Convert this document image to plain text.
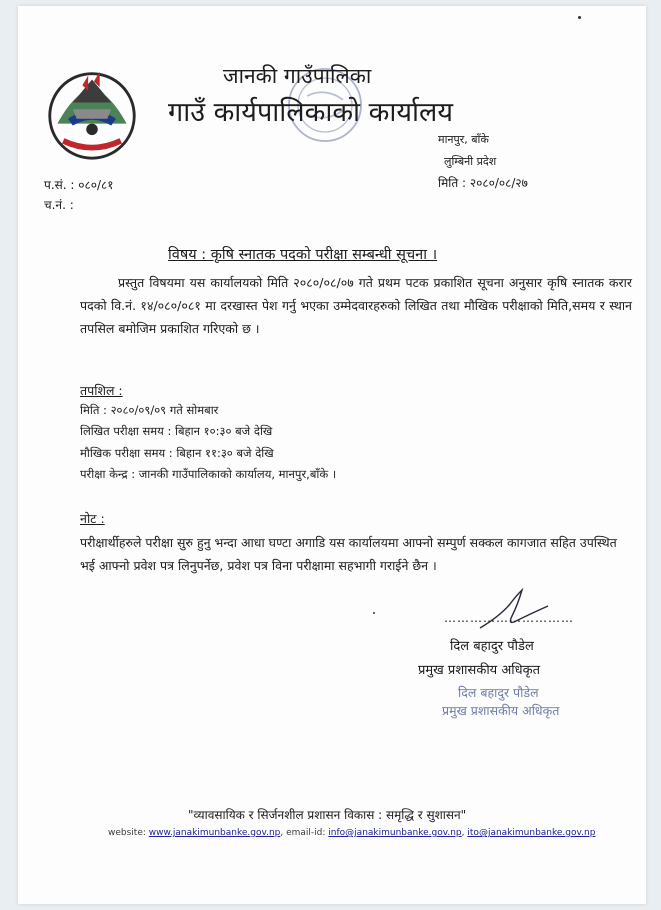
जानकी गाउँपालिका
गाउँ कार्यपालिकाको कार्यालय
मानपुर, बाँके
लुम्बिनी प्रदेश
मिति : २०८०/०८/२७
प.सं. : ०८०/८१
च.नं. :
विषय : कृषि स्नातक पदको परीक्षा सम्बन्धी सूचना ।
प्रस्तुत विषयमा यस कार्यालयको मिति २०८०/०८/०७ गते प्रथम पटक प्रकाशित सूचना अनुसार कृषि स्नातक करार पदको वि.नं. १४/०८०/०८१ मा दरखास्त पेश गर्नु भएका उम्मेदवारहरुको लिखित तथा मौखिक परीक्षाको मिति,समय र स्थान तपसिल बमोजिम प्रकाशित गरिएको छ ।
तपशिल :
मिति : २०८०/०९/०९ गते सोमबार
लिखित परीक्षा समय : बिहान १०:३० बजे देखि
मौखिक परीक्षा समय : बिहान ११:३० बजे देखि
परीक्षा केन्द्र : जानकी गाउँपालिकाको कार्यालय, मानपुर,बाँके ।
नोट :
परीक्षार्थीहरुले परीक्षा सुरु हुनु भन्दा आधा घण्टा अगाडि यस कार्यालयमा आफ्नो सम्पुर्ण सक्कल कागजात सहित उपस्थित भई आफ्नो प्रवेश पत्र लिनुपर्नेछ, प्रवेश पत्र विना परीक्षामा सहभागी गराईने छैन ।
…………………………
दिल बहादुर पौडेल
प्रमुख प्रशासकीय अधिकृत
दिल बहादुर पौडेल
प्रमुख प्रशासकीय अधिकृत
"व्यावसायिक र सिर्जनशील प्रशासन विकास : समृद्धि र सुशासन"
website: www.janakimunbanke.gov.np, email-id: info@janakimunbanke.gov.np, ito@janakimunbanke.gov.np
